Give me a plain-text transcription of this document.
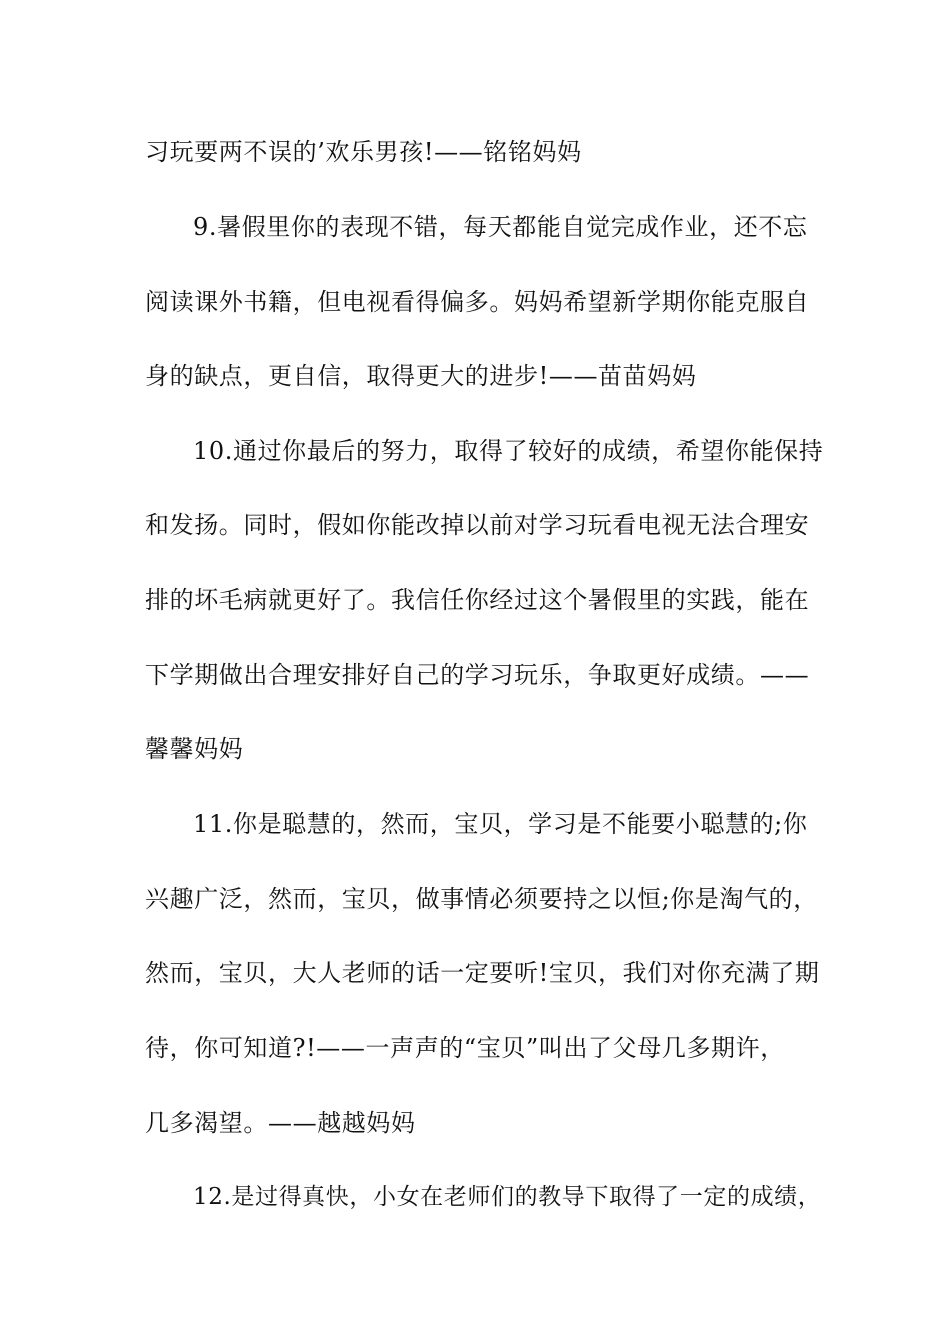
习玩要两不误的’欢乐男孩!——铭铭妈妈

9.暑假里你的表现不错，每天都能自觉完成作业，还不忘

阅读课外书籍，但电视看得偏多。妈妈希望新学期你能克服自

身的缺点，更自信，取得更大的进步!——苗苗妈妈

10.通过你最后的努力，取得了较好的成绩，希望你能保持

和发扬。同时，假如你能改掉以前对学习玩看电视无法合理安

排的坏毛病就更好了。我信任你经过这个暑假里的实践，能在

下学期做出合理安排好自己的学习玩乐，争取更好成绩。——

馨馨妈妈

11.你是聪慧的，然而，宝贝，学习是不能要小聪慧的;你

兴趣广泛，然而，宝贝，做事情必须要持之以恒;你是淘气的，

然而，宝贝，大人老师的话一定要听!宝贝，我们对你充满了期

待，你可知道?!——一声声的“宝贝”叫出了父母几多期许，

几多渴望。——越越妈妈

12.是过得真快，小女在老师们的教导下取得了一定的成绩，
